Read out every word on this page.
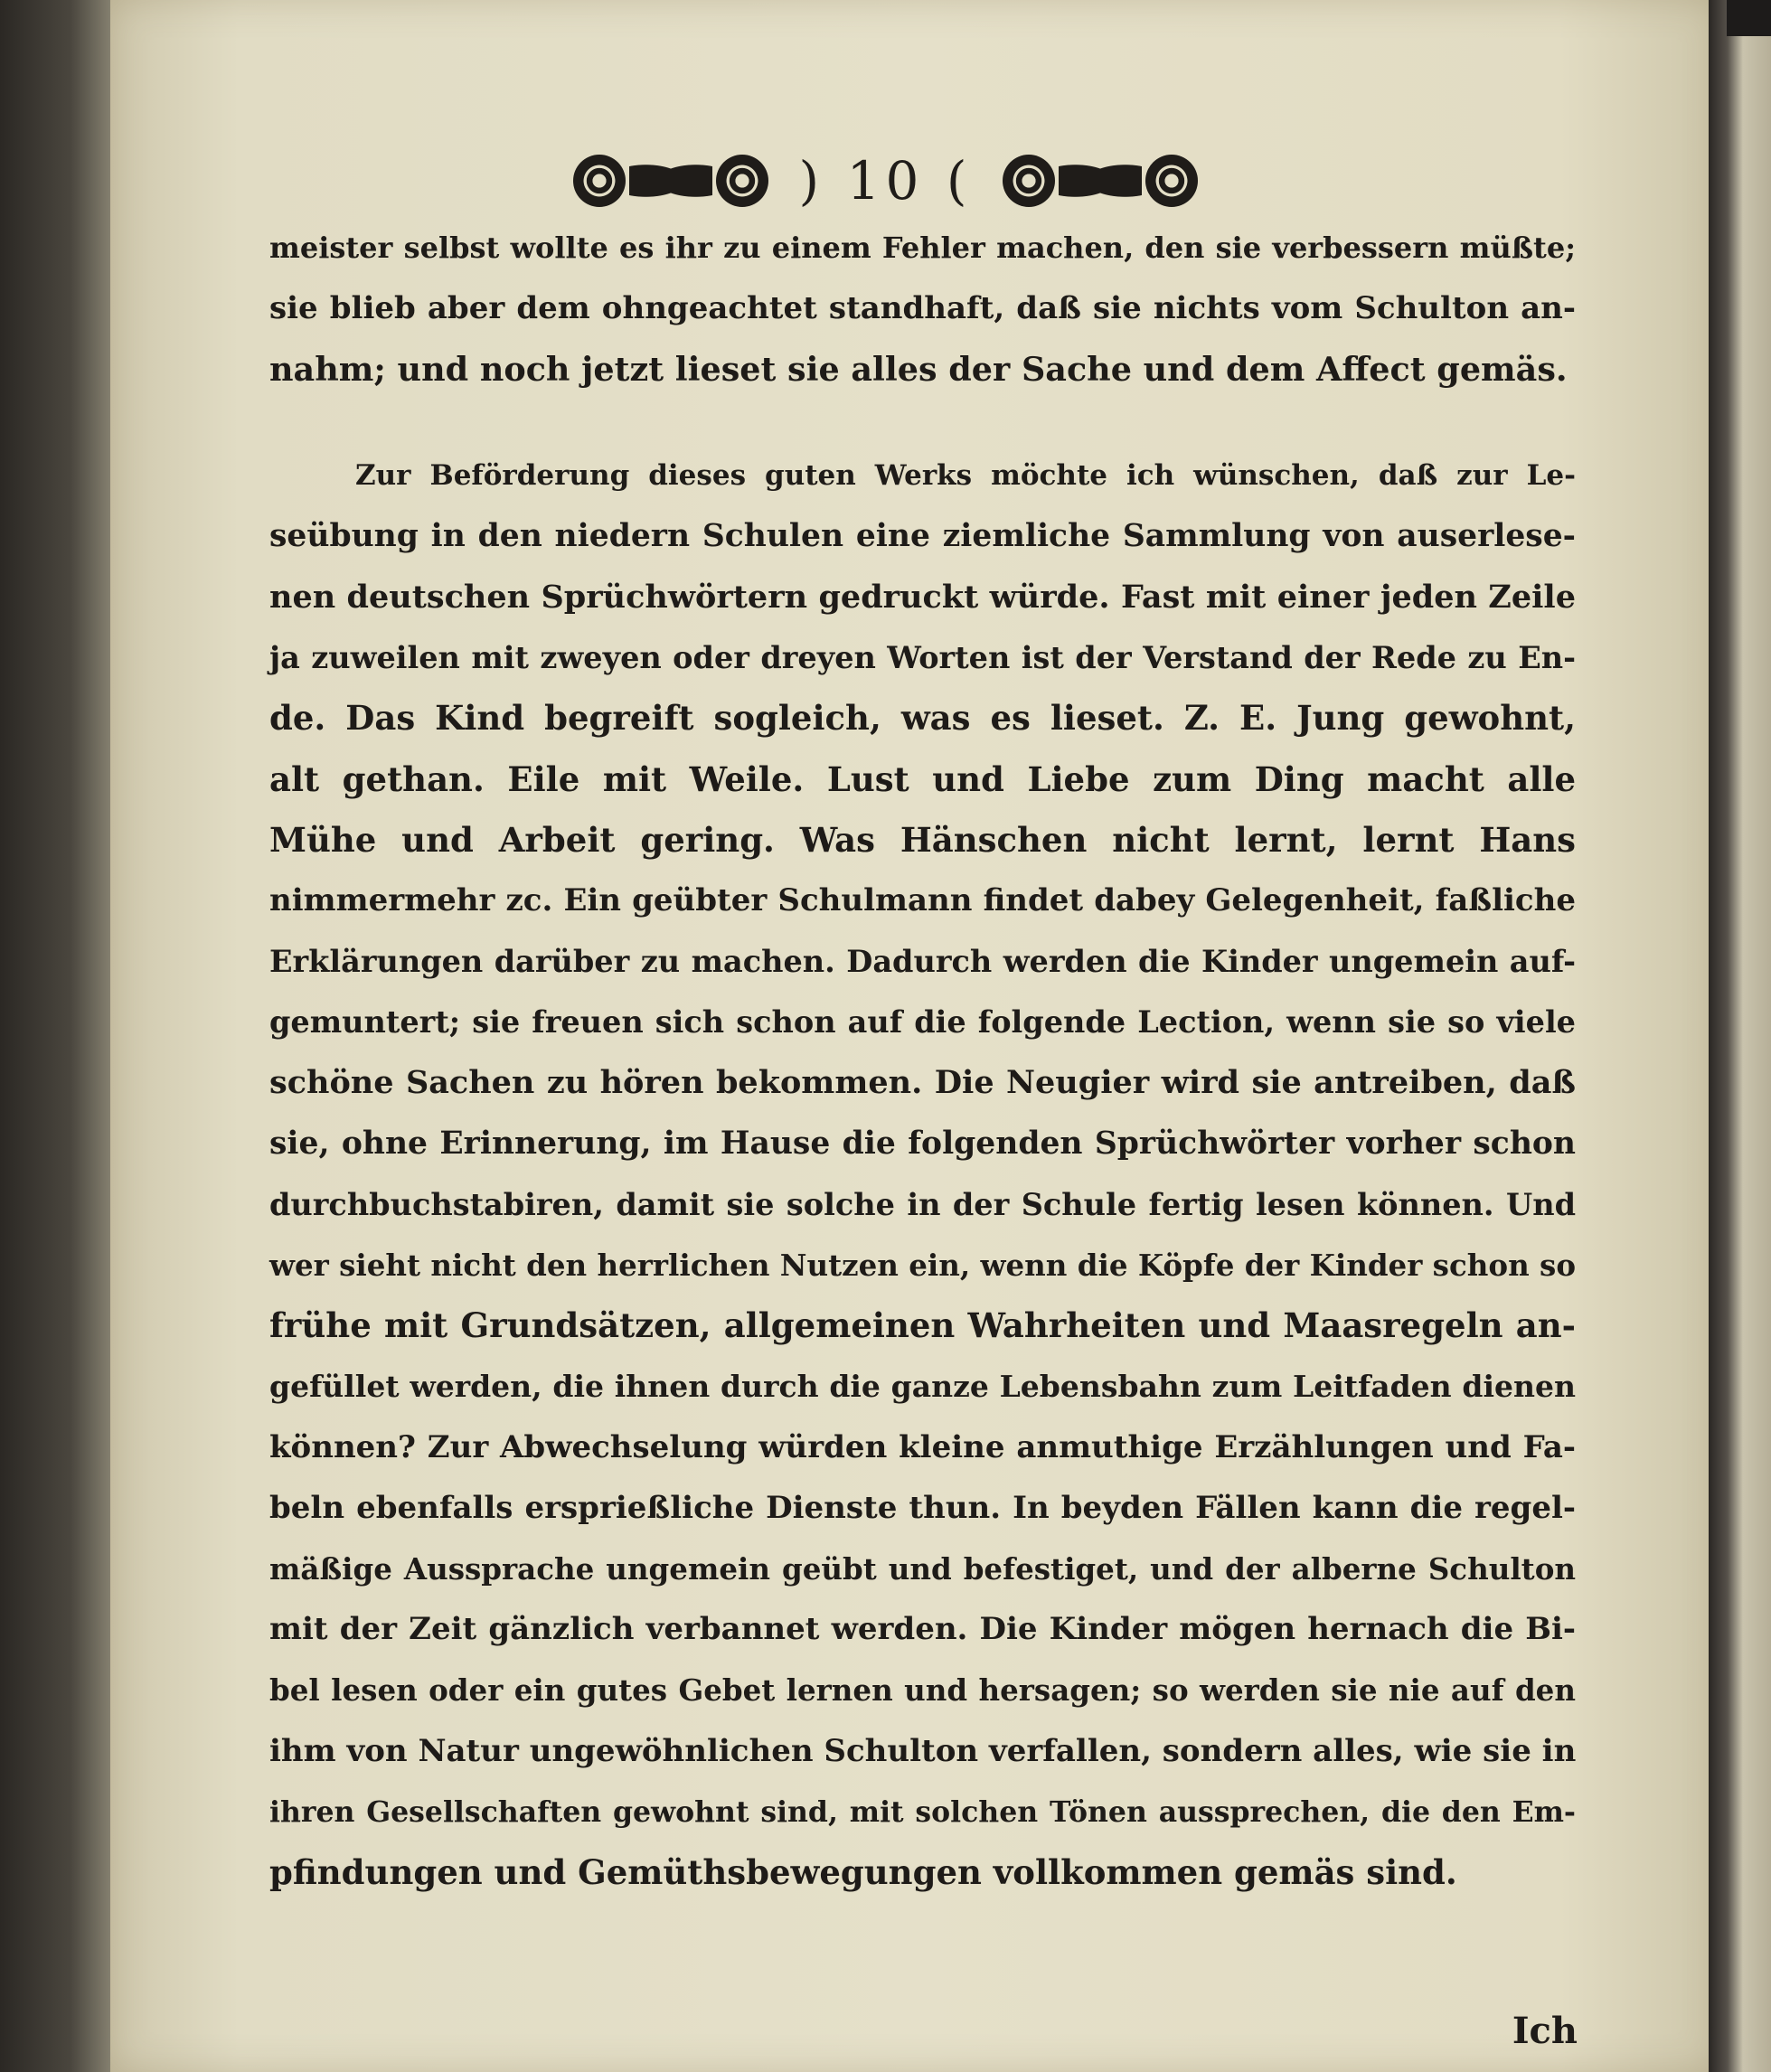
) 10 (
meister selbst wollte es ihr zu einem Fehler machen, den sie verbessern müßte;
sie blieb aber dem ohngeachtet standhaft, daß sie nichts vom Schulton an-
nahm; und noch jetzt lieset sie alles der Sache und dem Affect gemäs.
Zur Beförderung dieses guten Werks möchte ich wünschen, daß zur Le-
seübung in den niedern Schulen eine ziemliche Sammlung von auserlese-
nen deutschen Sprüchwörtern gedruckt würde. Fast mit einer jeden Zeile
ja zuweilen mit zweyen oder dreyen Worten ist der Verstand der Rede zu En-
de. Das Kind begreift sogleich, was es lieset. Z. E. Jung gewohnt,
alt gethan. Eile mit Weile. Lust und Liebe zum Ding macht alle
Mühe und Arbeit gering. Was Hänschen nicht lernt, lernt Hans
nimmermehr zc. Ein geübter Schulmann findet dabey Gelegenheit, faßliche
Erklärungen darüber zu machen. Dadurch werden die Kinder ungemein auf-
gemuntert; sie freuen sich schon auf die folgende Lection, wenn sie so viele
schöne Sachen zu hören bekommen. Die Neugier wird sie antreiben, daß
sie, ohne Erinnerung, im Hause die folgenden Sprüchwörter vorher schon
durchbuchstabiren, damit sie solche in der Schule fertig lesen können. Und
wer sieht nicht den herrlichen Nutzen ein, wenn die Köpfe der Kinder schon so
frühe mit Grundsätzen, allgemeinen Wahrheiten und Maasregeln an-
gefüllet werden, die ihnen durch die ganze Lebensbahn zum Leitfaden dienen
können? Zur Abwechselung würden kleine anmuthige Erzählungen und Fa-
beln ebenfalls ersprießliche Dienste thun. In beyden Fällen kann die regel-
mäßige Aussprache ungemein geübt und befestiget, und der alberne Schulton
mit der Zeit gänzlich verbannet werden. Die Kinder mögen hernach die Bi-
bel lesen oder ein gutes Gebet lernen und hersagen; so werden sie nie auf den
ihm von Natur ungewöhnlichen Schulton verfallen, sondern alles, wie sie in
ihren Gesellschaften gewohnt sind, mit solchen Tönen aussprechen, die den Em-
pfindungen und Gemüthsbewegungen vollkommen gemäs sind.
Ich
